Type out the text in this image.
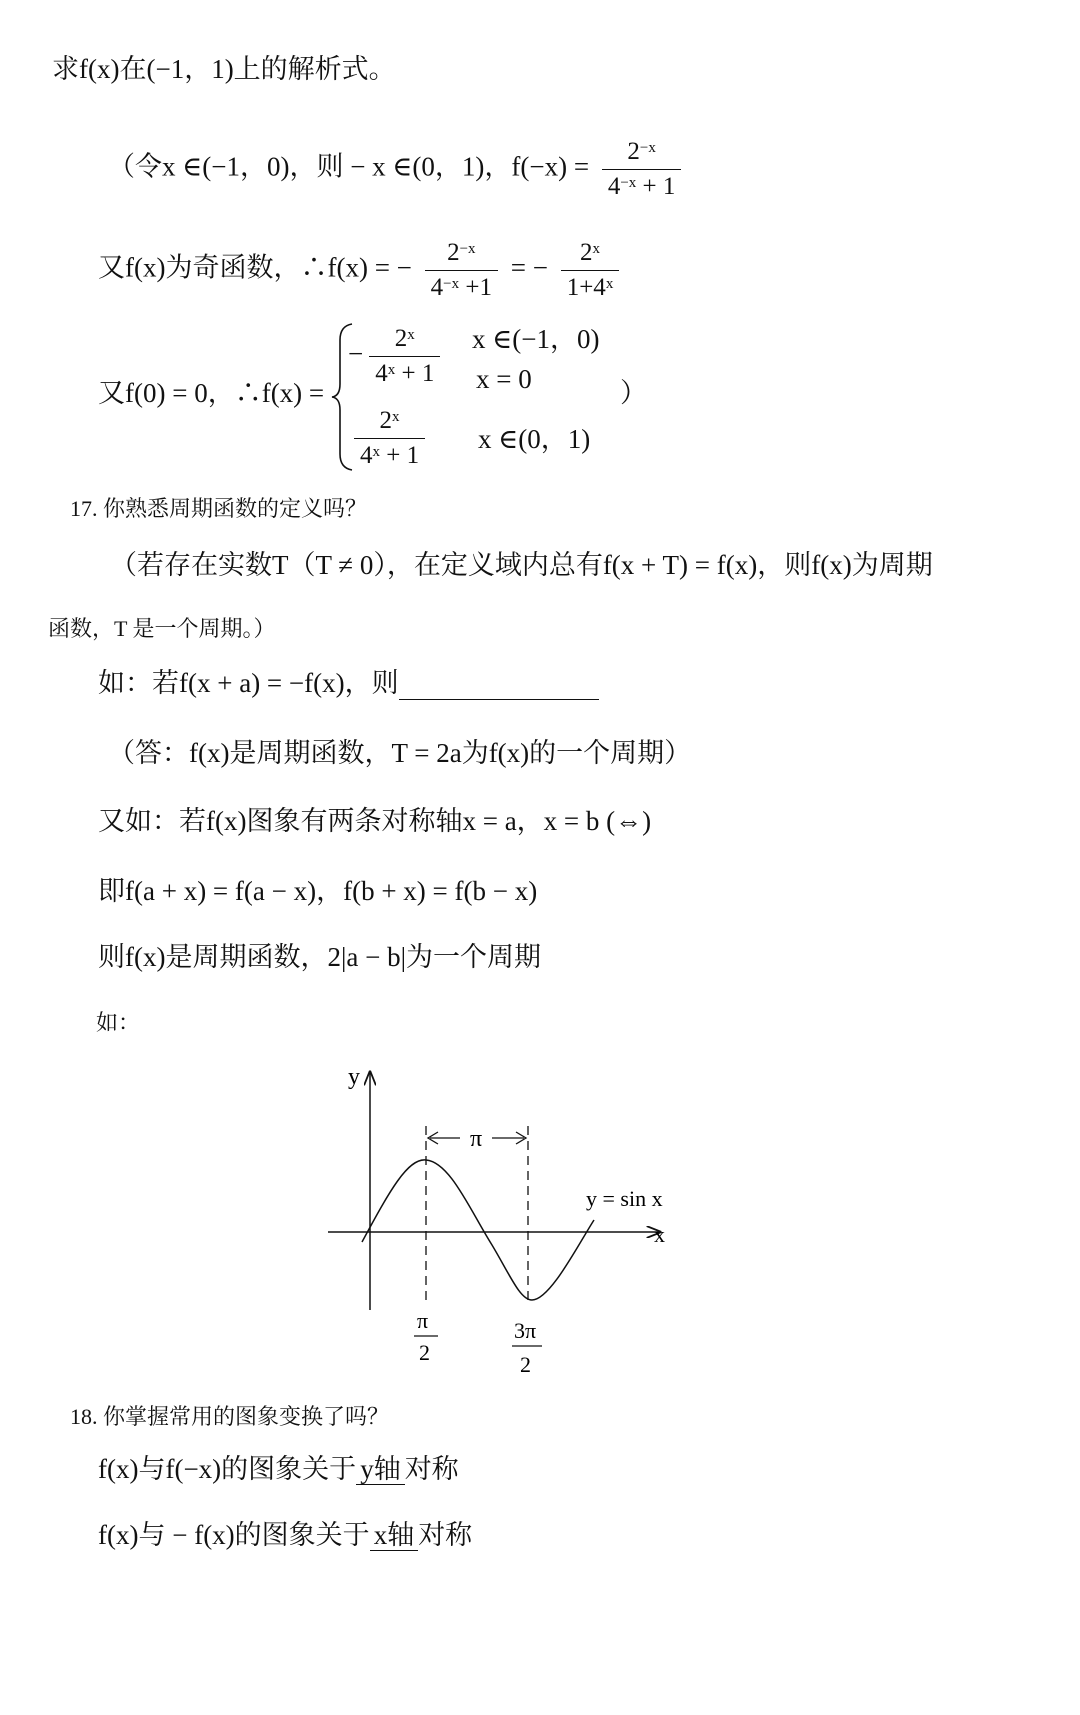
求f(x)在(−1，1)上的解析式。
（令x ∈(−1，0)，则 − x ∈(0，1)，$f(-x) = \frac{2^{-x}}{4^{-x} + 1}$
又f(x)为奇函数，∴f(x) = − $\frac{2^{-x}}{4^{-x} +1}$ = − $\frac{2^x}{1+4^x}$
又f(0) = 0，∴f(x) =
− $\frac{2^x}{4^x + 1}$ x ∈(−1，0)
x = 0
$\frac{2^x}{4^x + 1}$ x ∈(0，1)
）
17. 你熟悉周期函数的定义吗？
（若存在实数T（T ≠ 0），在定义域内总有f(x + T) = f(x)，则f(x)为周期
函数，T 是一个周期。）
如：若f(x + a) = −f(x)，则
（答：f(x)是周期函数，T = 2a为f(x)的一个周期）
又如：若f(x)图象有两条对称轴x = a，x = b (⇔)
即f(a + x) = f(a − x)，f(b + x) = f(b − x)
则f(x)是周期函数，2|a − b|为一个周期
如：
y
x
π
y = sin x
π
2
3π
2
18. 你掌握常用的图象变换了吗？
f(x)与f(−x)的图象关于 y轴 对称
f(x)与 − f(x)的图象关于 x轴 对称
